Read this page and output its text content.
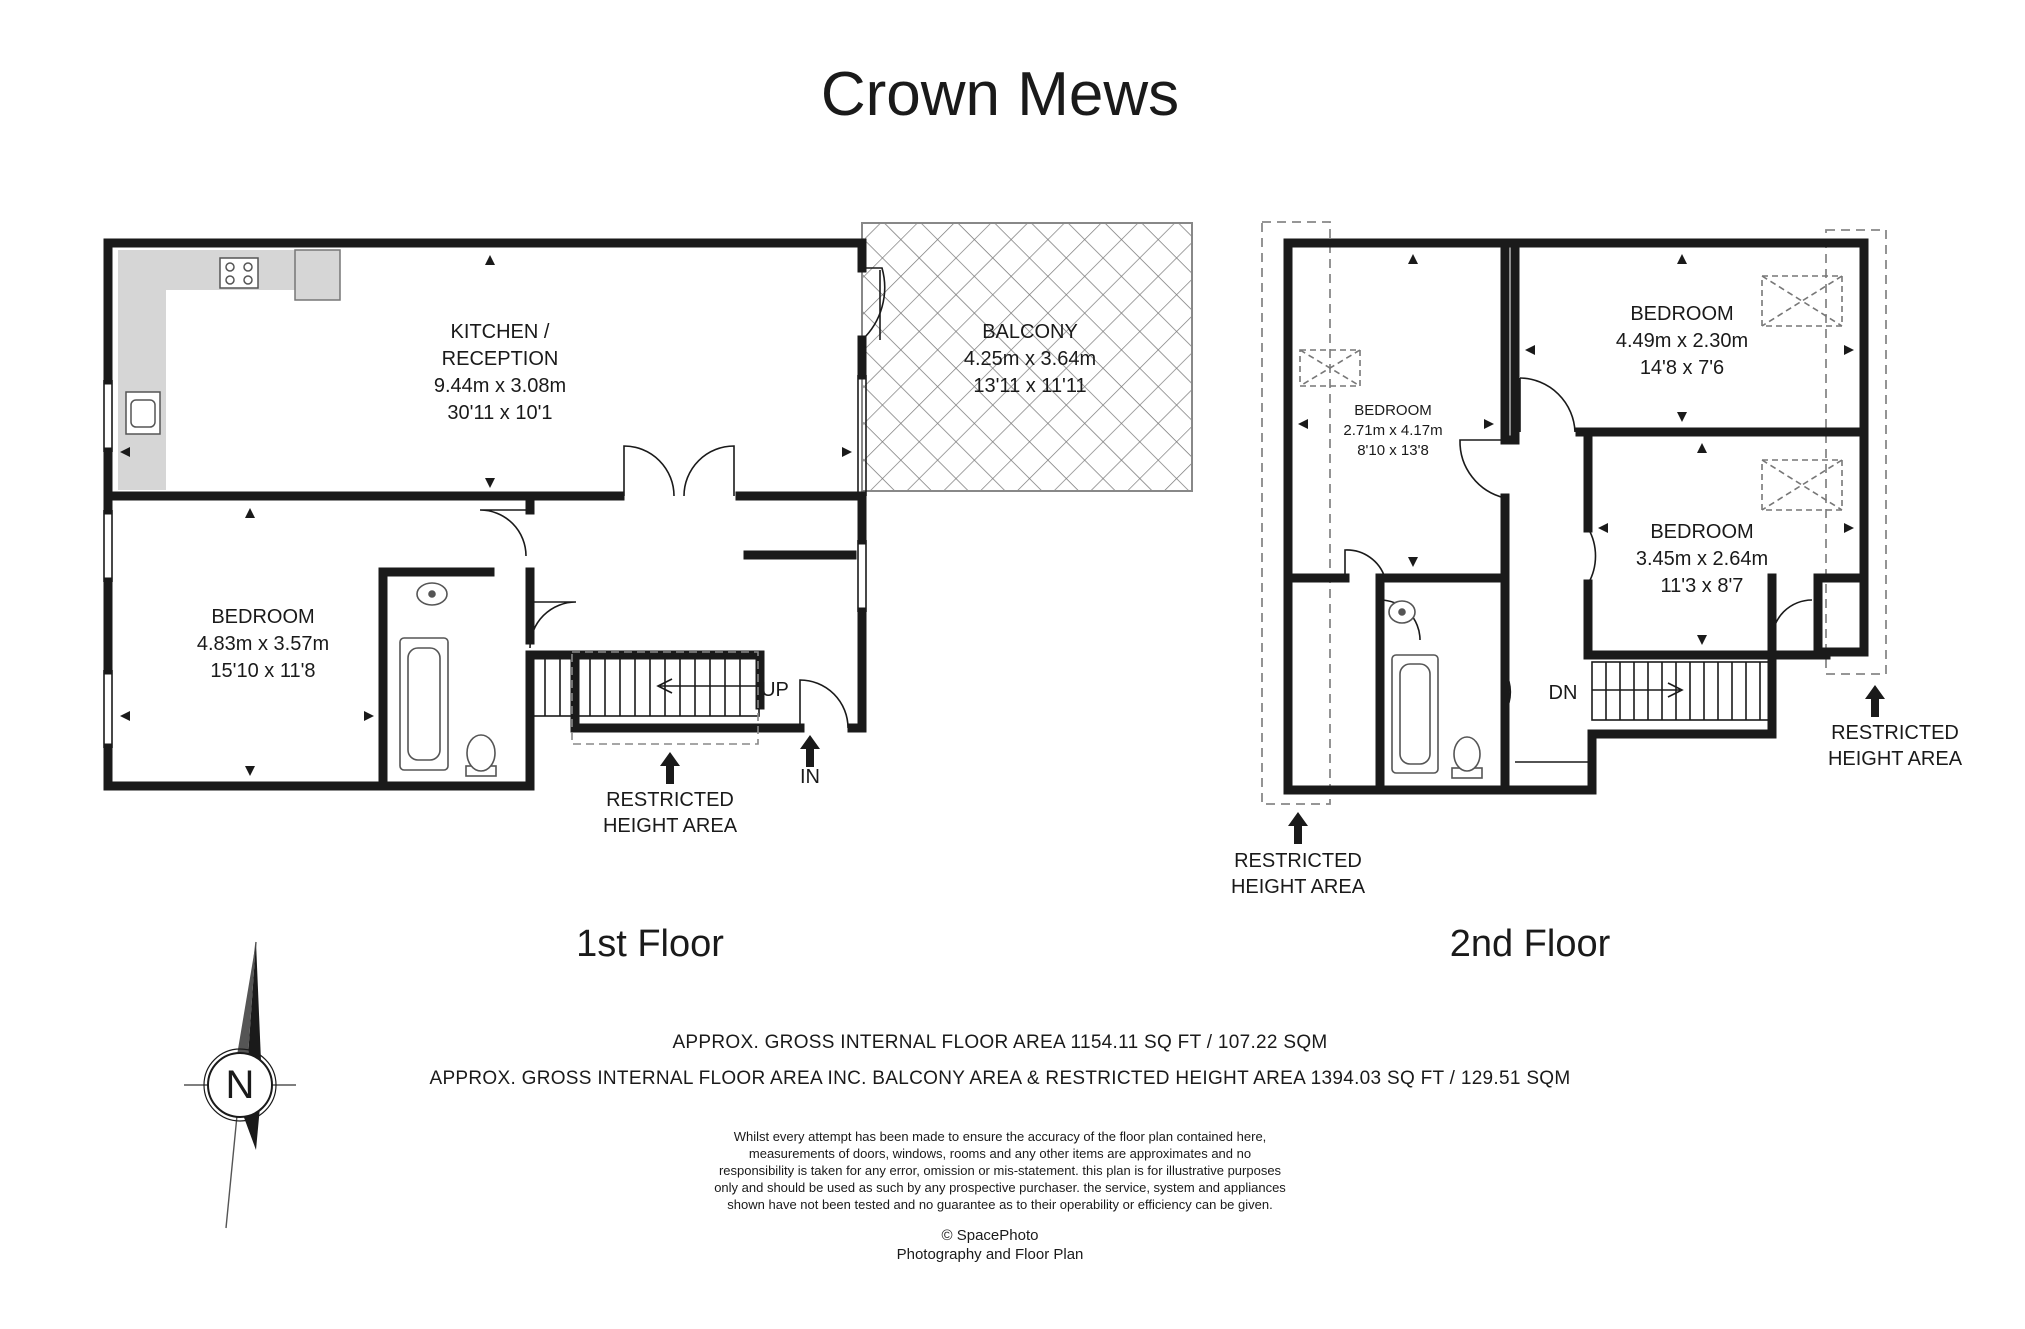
Crown Mews
KITCHEN /
RECEPTION
9.44m x 3.08m
30'11 x 10'1
BALCONY
4.25m x 3.64m
13'11 x 11'11
BEDROOM
4.83m x 3.57m
15'10 x 11'8
UP
IN
RESTRICTED
HEIGHT AREA
1st Floor
BEDROOM
2.71m x 4.17m
8'10 x 13'8
BEDROOM
4.49m x 2.30m
14'8 x 7'6
BEDROOM
3.45m x 2.64m
11'3 x 8'7
DN
RESTRICTED
HEIGHT AREA
RESTRICTED
HEIGHT AREA
2nd Floor
N
APPROX. GROSS INTERNAL FLOOR AREA 1154.11 SQ FT / 107.22 SQM
APPROX. GROSS INTERNAL FLOOR AREA INC. BALCONY AREA & RESTRICTED HEIGHT AREA 1394.03 SQ FT / 129.51 SQM
Whilst every attempt has been made to ensure the accuracy of the floor plan contained here,
measurements of doors, windows, rooms and any other items are approximates and no
responsibility is taken for any error, omission or mis-statement. this plan is for illustrative purposes
only and should be used as such by any prospective purchaser. the service, system and appliances
shown have not been tested and no guarantee as to their operability or efficiency can be given.
© SpacePhoto
Photography and Floor Plan
